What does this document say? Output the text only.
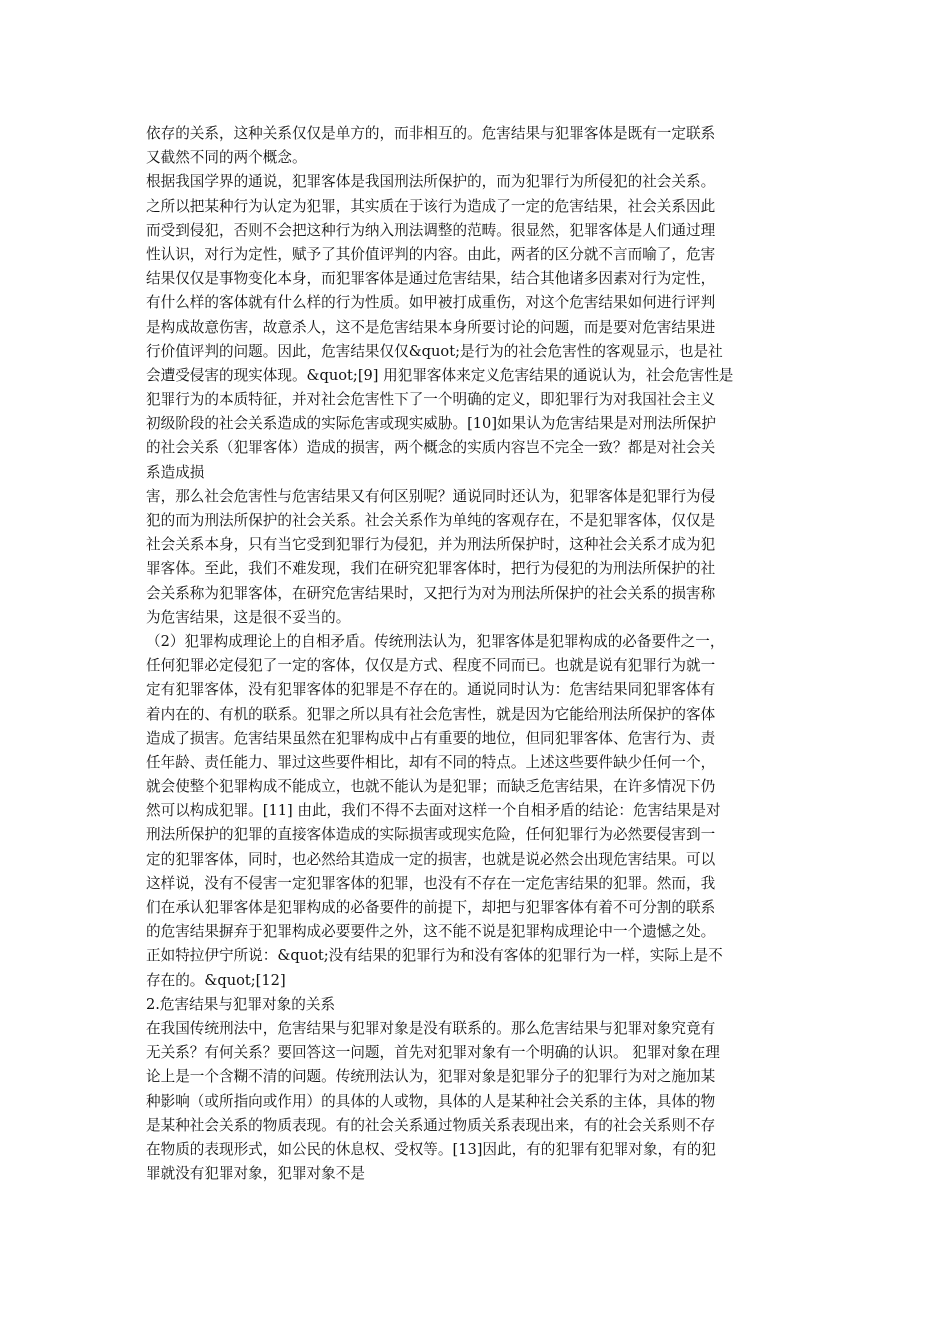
依存的关系，这种关系仅仅是单方的，而非相互的。危害结果与犯罪客体是既有一定联系
又截然不同的两个概念。
根据我国学界的通说，犯罪客体是我国刑法所保护的，而为犯罪行为所侵犯的社会关系。
之所以把某种行为认定为犯罪，其实质在于该行为造成了一定的危害结果，社会关系因此
而受到侵犯，否则不会把这种行为纳入刑法调整的范畴。很显然，犯罪客体是人们通过理
性认识，对行为定性，赋予了其价值评判的内容。由此，两者的区分就不言而喻了，危害
结果仅仅是事物变化本身，而犯罪客体是通过危害结果，结合其他诸多因素对行为定性，
有什么样的客体就有什么样的行为性质。如甲被打成重伤，对这个危害结果如何进行评判
是构成故意伤害，故意杀人，这不是危害结果本身所要讨论的问题，而是要对危害结果进
行价值评判的问题。因此，危害结果仅仅&quot;是行为的社会危害性的客观显示，也是社
会遭受侵害的现实体现。&quot;[9] 用犯罪客体来定义危害结果的通说认为，社会危害性是
犯罪行为的本质特征，并对社会危害性下了一个明确的定义，即犯罪行为对我国社会主义
初级阶段的社会关系造成的实际危害或现实威胁。[10]如果认为危害结果是对刑法所保护
的社会关系（犯罪客体）造成的损害，两个概念的实质内容岂不完全一致？都是对社会关
系造成损
害，那么社会危害性与危害结果又有何区别呢？通说同时还认为，犯罪客体是犯罪行为侵
犯的而为刑法所保护的社会关系。社会关系作为单纯的客观存在，不是犯罪客体，仅仅是
社会关系本身，只有当它受到犯罪行为侵犯，并为刑法所保护时，这种社会关系才成为犯
罪客体。至此，我们不难发现，我们在研究犯罪客体时，把行为侵犯的为刑法所保护的社
会关系称为犯罪客体，在研究危害结果时，又把行为对为刑法所保护的社会关系的损害称
为危害结果，这是很不妥当的。
（2）犯罪构成理论上的自相矛盾。传统刑法认为，犯罪客体是犯罪构成的必备要件之一，
任何犯罪必定侵犯了一定的客体，仅仅是方式、程度不同而已。也就是说有犯罪行为就一
定有犯罪客体，没有犯罪客体的犯罪是不存在的。通说同时认为：危害结果同犯罪客体有
着内在的、有机的联系。犯罪之所以具有社会危害性，就是因为它能给刑法所保护的客体
造成了损害。危害结果虽然在犯罪构成中占有重要的地位，但同犯罪客体、危害行为、责
任年龄、责任能力、罪过这些要件相比，却有不同的特点。上述这些要件缺少任何一个，
就会使整个犯罪构成不能成立，也就不能认为是犯罪；而缺乏危害结果，在许多情况下仍
然可以构成犯罪。[11] 由此，我们不得不去面对这样一个自相矛盾的结论：危害结果是对
刑法所保护的犯罪的直接客体造成的实际损害或现实危险，任何犯罪行为必然要侵害到一
定的犯罪客体，同时，也必然给其造成一定的损害，也就是说必然会出现危害结果。可以
这样说，没有不侵害一定犯罪客体的犯罪，也没有不存在一定危害结果的犯罪。然而，我
们在承认犯罪客体是犯罪构成的必备要件的前提下，却把与犯罪客体有着不可分割的联系
的危害结果摒弃于犯罪构成必要要件之外，这不能不说是犯罪构成理论中一个遗憾之处。
正如特拉伊宁所说：&quot;没有结果的犯罪行为和没有客体的犯罪行为一样，实际上是不
存在的。&quot;[12]
2.危害结果与犯罪对象的关系
在我国传统刑法中，危害结果与犯罪对象是没有联系的。那么危害结果与犯罪对象究竟有
无关系？有何关系？要回答这一问题，首先对犯罪对象有一个明确的认识。 犯罪对象在理
论上是一个含糊不清的问题。传统刑法认为，犯罪对象是犯罪分子的犯罪行为对之施加某
种影响（或所指向或作用）的具体的人或物，具体的人是某种社会关系的主体，具体的物
是某种社会关系的物质表现。有的社会关系通过物质关系表现出来，有的社会关系则不存
在物质的表现形式，如公民的休息权、受权等。[13]因此，有的犯罪有犯罪对象，有的犯
罪就没有犯罪对象，犯罪对象不是
